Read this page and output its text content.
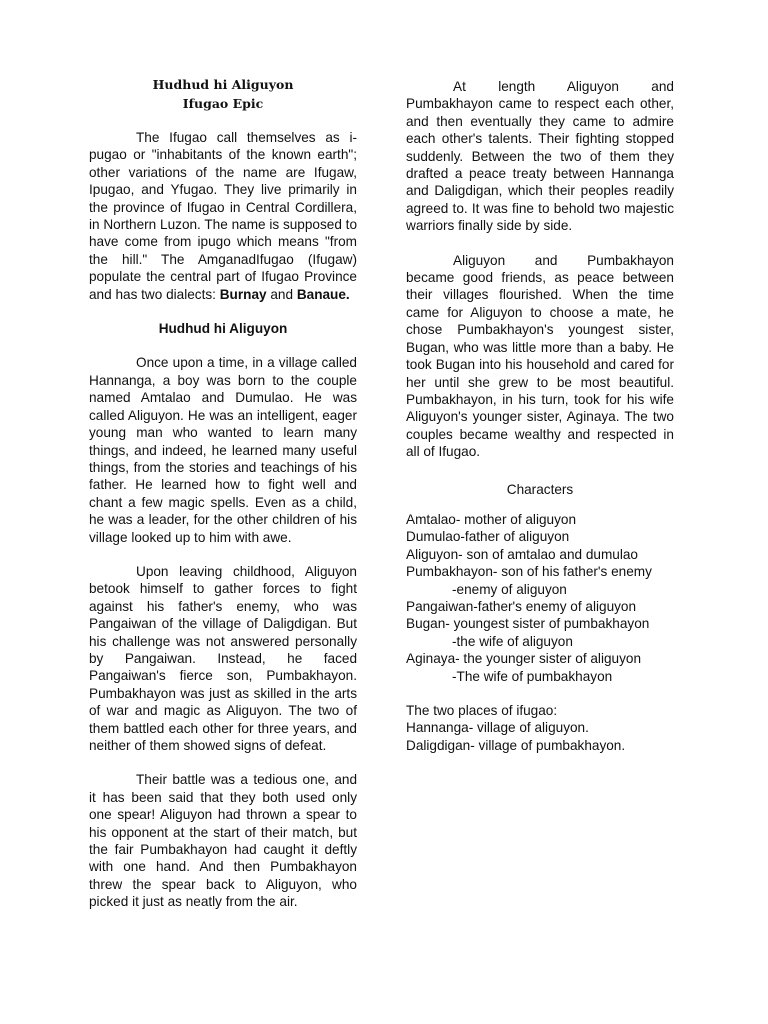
Hudhud hi Aliguyon
Ifugao Epic

The Ifugao call themselves as i-pugao or "inhabitants of the known earth"; other variations of the name are Ifugaw, Ipugao, and Yfugao. They live primarily in the province of Ifugao in Central Cordillera, in Northern Luzon. The name is supposed to have come from ipugo which means "from the hill." The AmganadIfugao (Ifugaw) populate the central part of Ifugao Province and has two dialects: Burnay and Banaue.

Hudhud hi Aliguyon

Once upon a time, in a village called Hannanga, a boy was born to the couple named Amtalao and Dumulao. He was called Aliguyon. He was an intelligent, eager young man who wanted to learn many things, and indeed, he learned many useful things, from the stories and teachings of his father. He learned how to fight well and chant a few magic spells. Even as a child, he was a leader, for the other children of his village looked up to him with awe.

Upon leaving childhood, Aliguyon betook himself to gather forces to fight against his father's enemy, who was Pangaiwan of the village of Daligdigan. But his challenge was not answered personally by Pangaiwan. Instead, he faced Pangaiwan's fierce son, Pumbakhayon. Pumbakhayon was just as skilled in the arts of war and magic as Aliguyon. The two of them battled each other for three years, and neither of them showed signs of defeat.

Their battle was a tedious one, and it has been said that they both used only one spear! Aliguyon had thrown a spear to his opponent at the start of their match, but the fair Pumbakhayon had caught it deftly with one hand. And then Pumbakhayon threw the spear back to Aliguyon, who picked it just as neatly from the air.

At length Aliguyon and Pumbakhayon came to respect each other, and then eventually they came to admire each other's talents. Their fighting stopped suddenly. Between the two of them they drafted a peace treaty between Hannanga and Daligdigan, which their peoples readily agreed to. It was fine to behold two majestic warriors finally side by side.

Aliguyon and Pumbakhayon became good friends, as peace between their villages flourished. When the time came for Aliguyon to choose a mate, he chose Pumbakhayon's youngest sister, Bugan, who was little more than a baby. He took Bugan into his household and cared for her until she grew to be most beautiful. Pumbakhayon, in his turn, took for his wife Aliguyon's younger sister, Aginaya. The two couples became wealthy and respected in all of Ifugao.

Characters
Amtalao- mother of aliguyon
Dumulao-father of aliguyon
Aliguyon- son of amtalao and dumulao
Pumbakhayon- son of his father's enemy
-enemy of aliguyon
Pangaiwan-father's enemy of aliguyon
Bugan- youngest sister of pumbakhayon
-the wife of aliguyon
Aginaya- the younger sister of aliguyon
-The wife of pumbakhayon
The two places of ifugao:
Hannanga- village of aliguyon.
Daligdigan- village of pumbakhayon.
